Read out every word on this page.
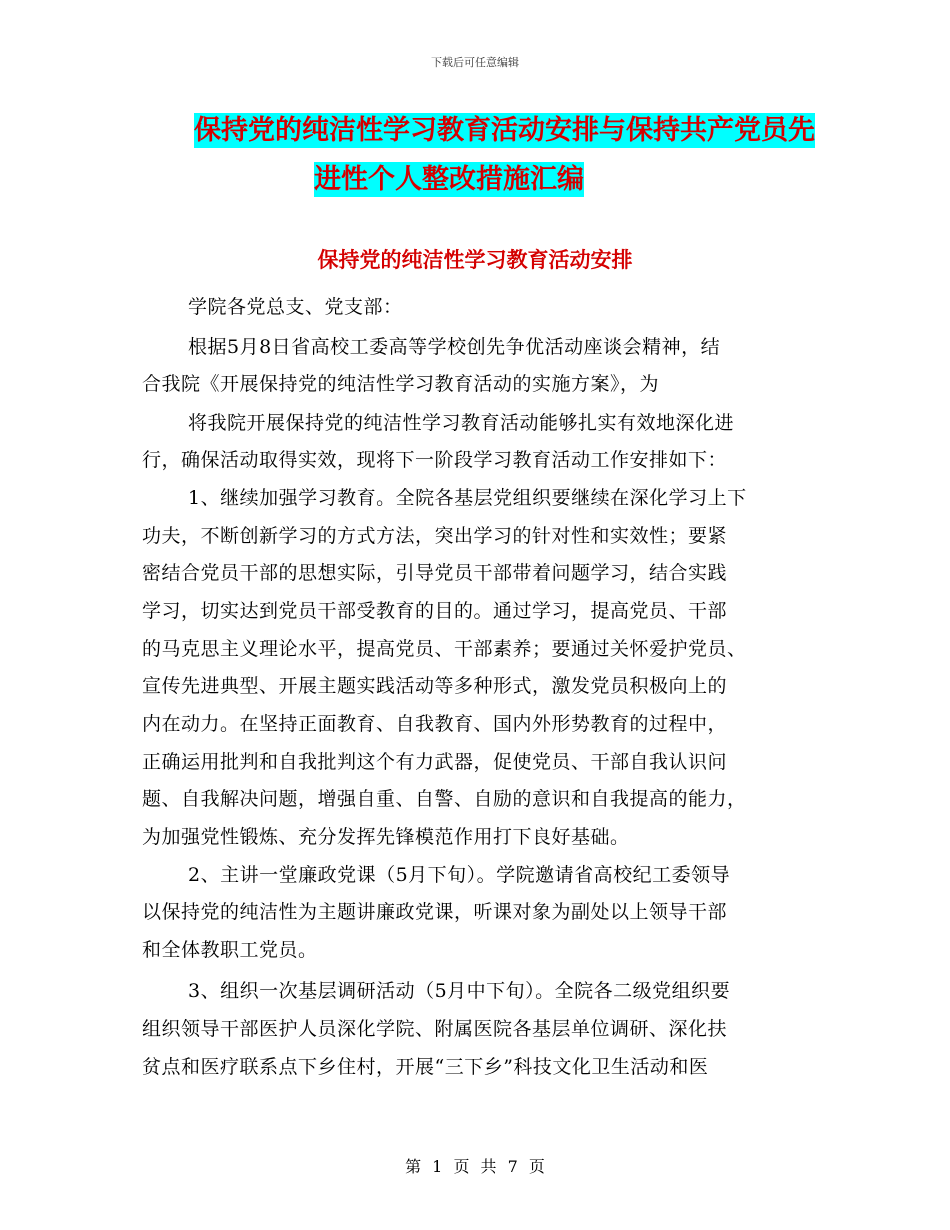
下载后可任意编辑
保持党的纯洁性学习教育活动安排与保持共产党员先
进性个人整改措施汇编
保持党的纯洁性学习教育活动安排
学院各党总支、党支部：
根据5月8日省高校工委高等学校创先争优活动座谈会精神，结
合我院《开展保持党的纯洁性学习教育活动的实施方案》，为
将我院开展保持党的纯洁性学习教育活动能够扎实有效地深化进
行，确保活动取得实效，现将下一阶段学习教育活动工作安排如下：
1、继续加强学习教育。全院各基层党组织要继续在深化学习上下
功夫，不断创新学习的方式方法，突出学习的针对性和实效性；要紧
密结合党员干部的思想实际，引导党员干部带着问题学习，结合实践
学习，切实达到党员干部受教育的目的。通过学习，提高党员、干部
的马克思主义理论水平，提高党员、干部素养；要通过关怀爱护党员、
宣传先进典型、开展主题实践活动等多种形式，激发党员积极向上的
内在动力。在坚持正面教育、自我教育、国内外形势教育的过程中，
正确运用批判和自我批判这个有力武器，促使党员、干部自我认识问
题、自我解决问题，增强自重、自警、自励的意识和自我提高的能力，
为加强党性锻炼、充分发挥先锋模范作用打下良好基础。
2、主讲一堂廉政党课（5月下旬）。学院邀请省高校纪工委领导
以保持党的纯洁性为主题讲廉政党课，听课对象为副处以上领导干部
和全体教职工党员。
3、组织一次基层调研活动（5月中下旬）。全院各二级党组织要
组织领导干部医护人员深化学院、附属医院各基层单位调研、深化扶
贫点和医疗联系点下乡住村，开展“三下乡”科技文化卫生活动和医
第 1 页 共 7 页
